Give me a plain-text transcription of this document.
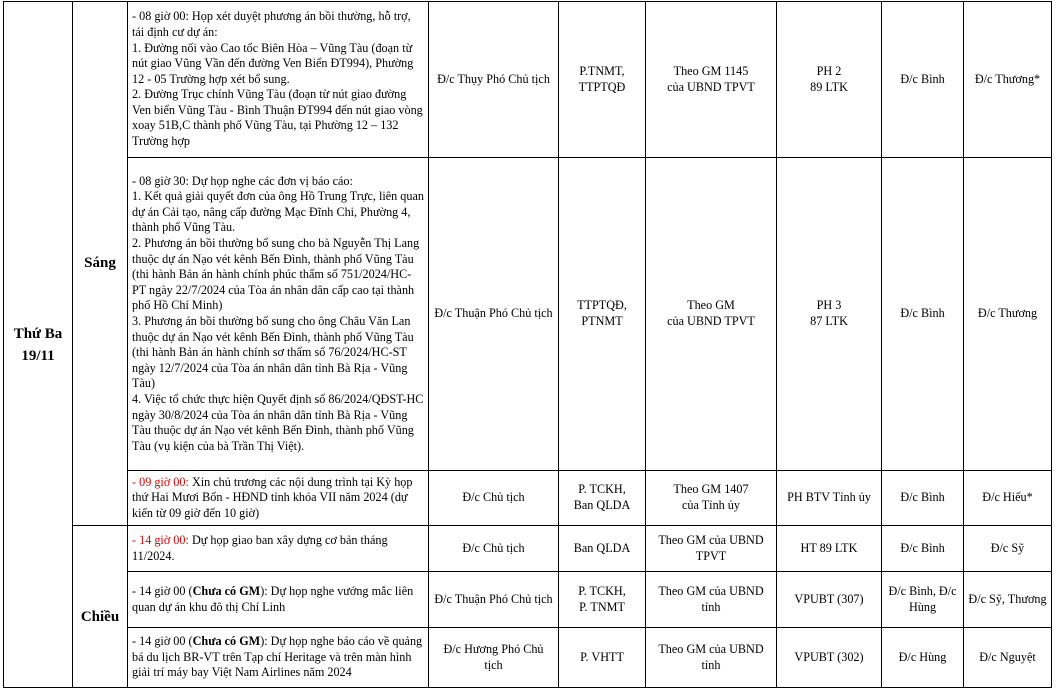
Thứ Ba
19/11	Sáng	- 08 giờ 00: Họp xét duyệt phương án bồi thường, hỗ trợ, tái định cư dự án:
1. Đường nối vào Cao tốc Biên Hòa – Vũng Tàu (đoạn từ nút giao Vũng Vần đến đường Ven Biển ĐT994), Phường 12 - 05 Trường hợp xét bổ sung.
2. Đường Trục chính Vũng Tàu (đoạn từ nút giao đường Ven biển Vũng Tàu - Bình Thuận ĐT994 đến nút giao vòng xoay 51B,C thành phố Vũng Tàu, tại Phường 12 – 132 Trường hợp	Đ/c Thụy Phó Chủ tịch	P.TNMT,
TTPTQĐ	Theo GM 1145
của UBND TPVT	PH 2
89 LTK	Đ/c Bình	Đ/c Thương*

		- 08 giờ 30: Dự họp nghe các đơn vị báo cáo:
1. Kết quả giải quyết đơn của ông Hồ Trung Trực, liên quan dự án Cải tạo, nâng cấp đường Mạc Đĩnh Chi, Phường 4, thành phố Vũng Tàu.
2. Phương án bồi thường bổ sung cho bà Nguyễn Thị Lang thuộc dự án Nạo vét kênh Bến Đình, thành phố Vũng Tàu (thi hành Bản án hành chính phúc thẩm số 751/2024/HC-PT ngày 22/7/2024 của Tòa án nhân dân cấp cao tại thành phố Hồ Chí Minh)
3. Phương án bồi thường bổ sung cho ông Châu Văn Lan thuộc dự án Nạo vét kênh Bến Đình, thành phố Vũng Tàu (thi hành Bản án hành chính sơ thẩm số 76/2024/HC-ST ngày 12/7/2024 của Tòa án nhân dân tỉnh Bà Rịa - Vũng Tàu)
4. Việc tổ chức thực hiện Quyết định số 86/2024/QĐST-HC ngày 30/8/2024 của Tòa án nhân dân tỉnh Bà Rịa - Vũng Tàu thuộc dự án Nạo vét kênh Bến Đình, thành phố Vũng Tàu (vụ kiện của bà Trần Thị Việt).	Đ/c Thuận Phó Chủ tịch	TTPTQĐ,
PTNMT	Theo GM
của UBND TPVT	PH 3
87 LTK	Đ/c Bình	Đ/c Thương
		- 09 giờ 00: Xin chủ trương các nội dung trình tại Kỳ họp thứ Hai Mươi Bốn - HĐND tỉnh khóa VII năm 2024 (dự kiến từ 09 giờ đến 10 giờ)	Đ/c Chủ tịch	P. TCKH,
Ban QLDA	Theo GM 1407
của Tỉnh ủy	PH BTV Tỉnh ủy	Đ/c Bình	Đ/c Hiếu*
	Chiều	- 14 giờ 00: Dự họp giao ban xây dựng cơ bản tháng 11/2024.	Đ/c Chủ tịch	Ban QLDA	Theo GM của UBND
TPVT	HT 89 LTK	Đ/c Bình	Đ/c Sỹ
		- 14 giờ 00 (Chưa có GM): Dự họp nghe vướng mắc liên quan dự án khu đô thị Chí Linh	Đ/c Thuận Phó Chủ tịch	P. TCKH,
P. TNMT	Theo GM của UBND
tỉnh	VPUBT (307)	Đ/c Bình, Đ/c
Hùng	Đ/c Sỹ, Thương
		- 14 giờ 00 (Chưa có GM): Dự họp nghe báo cáo về quảng bá du lịch BR-VT trên Tạp chí Heritage và trên màn hình giải trí máy bay Việt Nam Airlines năm 2024	Đ/c Hương Phó Chủ tịch	P. VHTT	Theo GM của UBND
tỉnh	VPUBT (302)	Đ/c Hùng	Đ/c Nguyệt
